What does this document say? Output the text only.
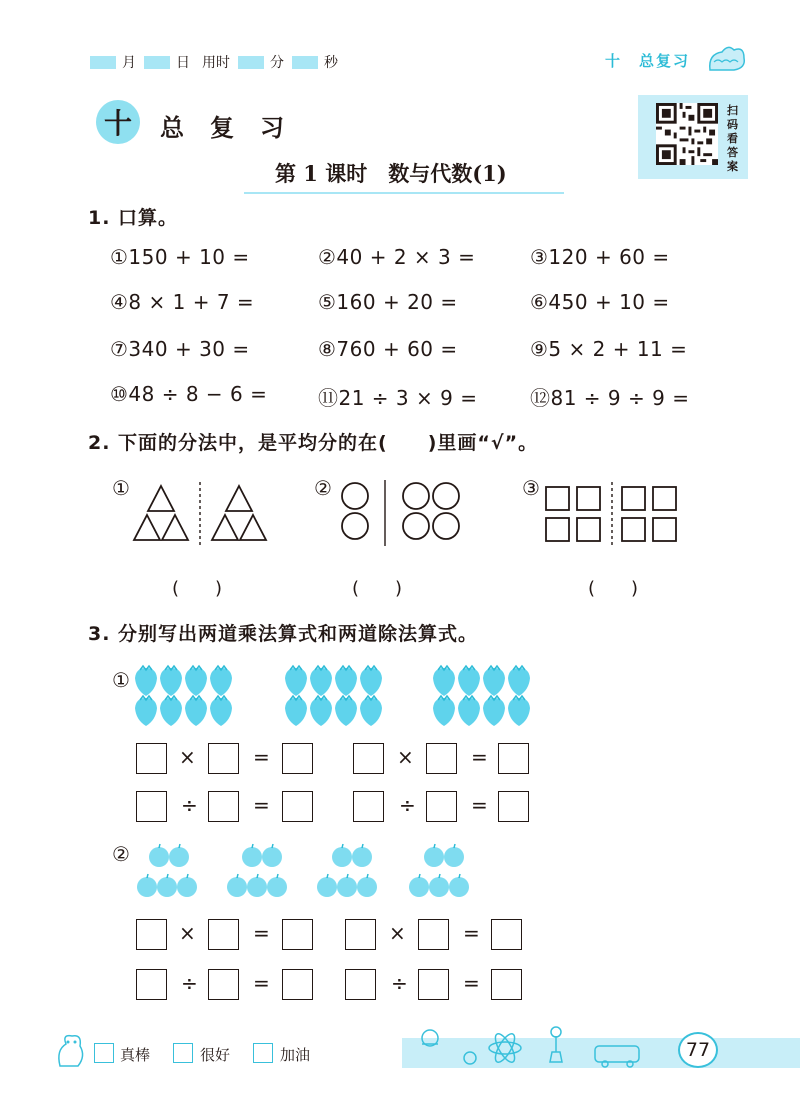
月	日 用时	分	秒	十　总复习
十	总复习
扫码看答案
第 1 课时　数与代数(1)
1. 口算。
①150 + 10 =	②40 + 2 × 3 =	③120 + 60 =
④8 × 1 + 7 =	⑤160 + 20 =	⑥450 + 10 =
⑦340 + 30 =	⑧760 + 60 =	⑨5 × 2 + 11 =
⑩48 ÷ 8 − 6 =	⑪21 ÷ 3 × 9 =	⑫81 ÷ 9 ÷ 9 =
2. 下面的分法中，是平均分的在(　　)里画“√”。
①	②	③
(　　)	(　　)	(　　)
3. 分别写出两道乘法算式和两道除法算式。
①
×	=	×	=
÷	=	÷	=
②
×	=	×	=
÷	=	÷	=
真棒	很好	加油	77
